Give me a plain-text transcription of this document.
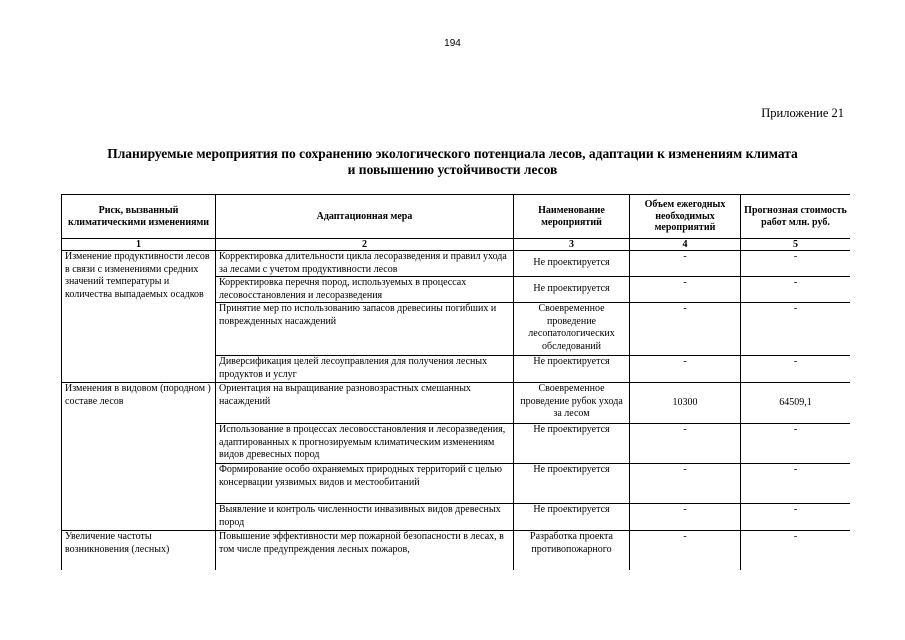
194
Приложение 21
Планируемые мероприятия по сохранению экологического потенциала лесов, адаптации к изменениям климата
и повышению устойчивости лесов
Риск, вызванный климатическими изменениями	Адаптационная мера	Наименование мероприятий	Объем ежегодных необходимых мероприятий	Прогнозная стоимость работ млн. руб.
1	2	3	4	5
Изменение продуктивности лесов в связи с изменениями средних значений температуры и количества выпадаемых осадков	Корректировка длительности цикла лесоразведения и правил ухода за лесами с учетом продуктивности лесов	Не проектируется	-	-
	Корректировка перечня пород, используемых в процессах лесовосстановления и лесоразведения	Не проектируется	-	-
	Принятие мер по использованию запасов древесины погибших и поврежденных насаждений	Своевременное проведение лесопатологических обследований	-	-
	Диверсификация целей лесоуправления для получения лесных продуктов и услуг	Не проектируется	-	-
Изменения в видовом (породном ) составе лесов	Ориентация на выращивание разновозрастных смешанных насаждений	Своевременное проведение рубок ухода за лесом	10300	64509,1
	Использование в процессах лесовосстановления и лесоразведения, адаптированных к прогнозируемым климатическим изменениям видов древесных пород	Не проектируется	-	-
	Формирование особо охраняемых природных территорий с целью консервации уязвимых видов и местообитаний	Не проектируется	-	-
	Выявление и контроль численности инвазивных видов древесных пород	Не проектируется	-	-
Увеличение частоты возникновения (лесных)	Повышение эффективности мер пожарной безопасности в лесах, в том числе предупреждения лесных пожаров,	Разработка проекта противопожарного	-	-
